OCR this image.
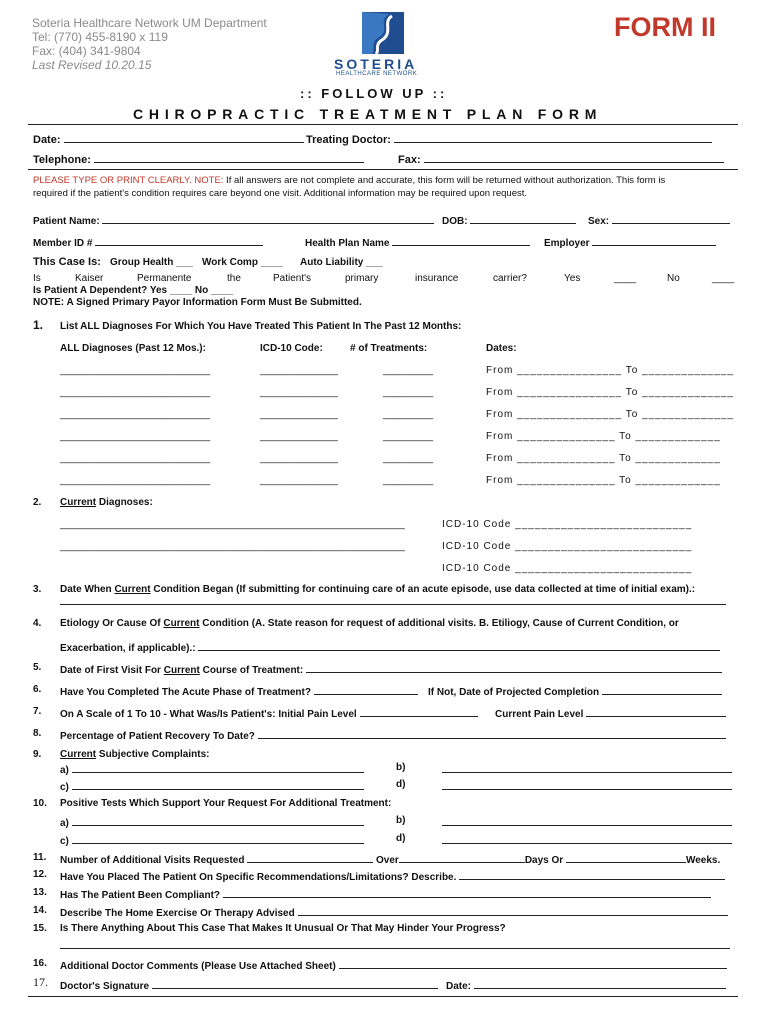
Soteria Healthcare Network UM Department
Tel: (770) 455-8190 x 119
Fax: (404) 341-9804
Last Revised 10.20.15	SOTERIA
HEALTHCARE NETWORK
FORM II
:: FOLLOW UP ::
CHIROPRACTIC TREATMENT PLAN FORM
Date:	Treating Doctor:
Telephone:	Fax:
PLEASE TYPE OR PRINT CLEARLY. NOTE: If all answers are not complete and accurate, this form will be returned without authorization. This form is
required if the patient's condition requires care beyond one visit. Additional information may be required upon request.
Patient Name:	DOB:	Sex:
Member ID #	Health Plan Name	Employer
This Case Is: Group Health ___ Work Comp ____ Auto Liability ___
Is	Kaiser	Permanente	the	Patient's	primary	insurance	carrier?	Yes	____	No	____
Is Patient A Dependent? Yes ____ No ____
NOTE: A Signed Primary Payor Information Form Must Be Submitted.
1. List ALL Diagnoses For Which You Have Treated This Patient In The Past 12 Months:
ALL Diagnoses (Past 12 Mos.):	ICD-10 Code:	# of Treatments:	Dates:
___________________________	______________	_________	From ________________ To ______________
___________________________	______________	_________	From ________________ To ______________
___________________________	______________	_________	From ________________ To ______________
___________________________	______________	_________	From _______________ To _____________
___________________________	______________	_________	From _______________ To _____________
___________________________	______________	_________	From _______________ To _____________
2. Current Diagnoses:
______________________________________________________________	ICD-10 Code ___________________________
______________________________________________________________	ICD-10 Code ___________________________
ICD-10 Code ___________________________
3. Date When Current Condition Began (If submitting for continuing care of an acute episode, use data collected at time of initial exam).:
4. Etiology Or Cause Of Current Condition (A. State reason for request of additional visits. B. Etiliogy, Cause of Current Condition, or
Exacerbation, if applicable).:
5. Date of First Visit For Current Course of Treatment:
6. Have You Completed The Acute Phase of Treatment?	If Not, Date of Projected Completion
7. On A Scale of 1 To 10 - What Was/Is Patient's: Initial Pain Level	Current Pain Level
8. Percentage of Patient Recovery To Date?
9. Current Subjective Complaints:
a)	b)
c)	d)
10. Positive Tests Which Support Your Request For Additional Treatment:
a)	b)
c)	d)
11. Number of Additional Visits Requested	Over	Days Or	Weeks.
12. Have You Placed The Patient On Specific Recommendations/Limitations? Describe.
13. Has The Patient Been Compliant?
14. Describe The Home Exercise Or Therapy Advised
15. Is There Anything About This Case That Makes It Unusual Or That May Hinder Your Progress?
16. Additional Doctor Comments (Please Use Attached Sheet)
17. Doctor's Signature	Date:
